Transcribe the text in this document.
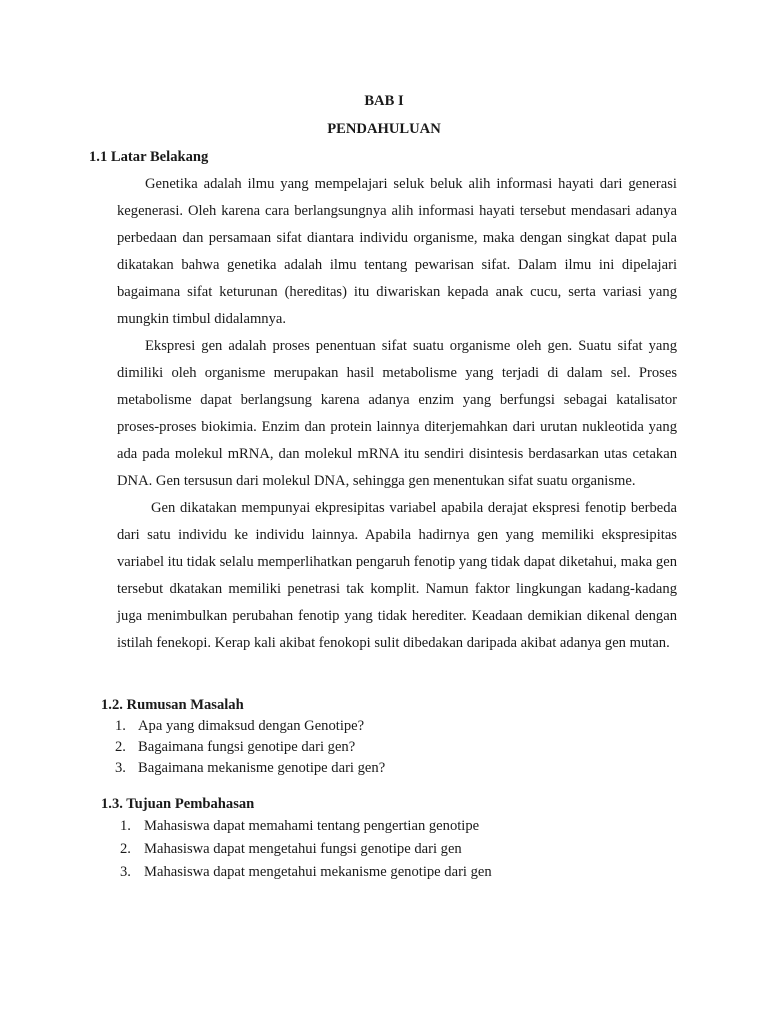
BAB I
PENDAHULUAN
1.1 Latar Belakang

Genetika adalah ilmu yang mempelajari seluk beluk alih informasi hayati dari generasi kegenerasi. Oleh karena cara berlangsungnya alih informasi hayati tersebut mendasari adanya perbedaan dan persamaan sifat diantara individu organisme, maka dengan singkat dapat pula dikatakan bahwa genetika adalah ilmu tentang pewarisan sifat. Dalam ilmu ini dipelajari bagaimana sifat keturunan (hereditas) itu diwariskan kepada anak cucu, serta variasi yang mungkin timbul didalamnya.

Ekspresi gen adalah proses penentuan sifat suatu organisme oleh gen. Suatu sifat yang dimiliki oleh organisme merupakan hasil metabolisme yang terjadi di dalam sel. Proses metabolisme dapat berlangsung karena adanya enzim yang berfungsi sebagai katalisator proses-proses biokimia. Enzim dan protein lainnya diterjemahkan dari urutan nukleotida yang ada pada molekul mRNA, dan molekul mRNA itu sendiri disintesis berdasarkan utas cetakan DNA. Gen tersusun dari molekul DNA, sehingga gen menentukan sifat suatu organisme.

Gen dikatakan mempunyai ekpresipitas variabel apabila derajat ekspresi fenotip berbeda dari satu individu ke individu lainnya. Apabila hadirnya gen yang memiliki ekspresipitas variabel itu tidak selalu memperlihatkan pengaruh fenotip yang tidak dapat diketahui, maka gen tersebut dkatakan memiliki penetrasi tak komplit. Namun faktor lingkungan kadang-kadang juga menimbulkan perubahan fenotip yang tidak herediter. Keadaan demikian dikenal dengan istilah fenekopi. Kerap kali akibat fenokopi sulit dibedakan daripada akibat adanya gen mutan.

1.2. Rumusan Masalah
1. Apa yang dimaksud dengan Genotipe?
2. Bagaimana fungsi genotipe dari gen?
3. Bagaimana mekanisme genotipe dari gen?
1.3. Tujuan Pembahasan
1. Mahasiswa dapat memahami tentang pengertian genotipe
2. Mahasiswa dapat mengetahui fungsi genotipe dari gen
3. Mahasiswa dapat mengetahui mekanisme genotipe dari gen
